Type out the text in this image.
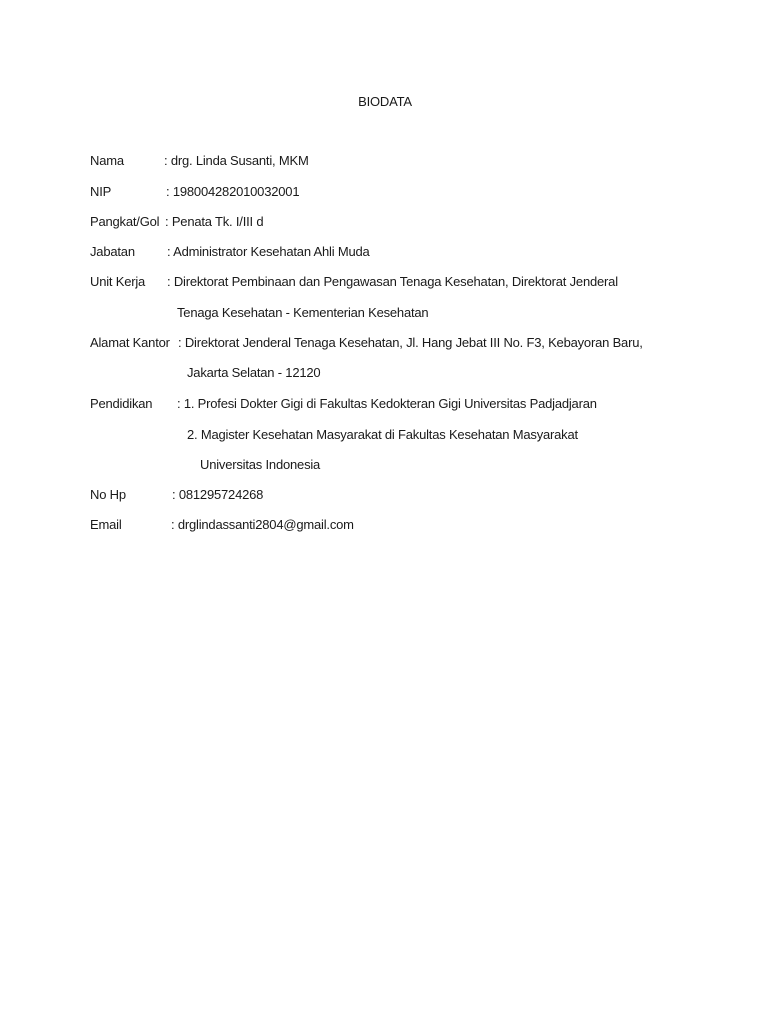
BIODATA
Nama	: drg. Linda Susanti, MKM
NIP	: 198004282010032001
Pangkat/Gol : Penata Tk. I/III d
Jabatan : Administrator Kesehatan Ahli Muda
Unit Kerja : Direktorat Pembinaan dan Pengawasan Tenaga Kesehatan, Direktorat Jenderal
Tenaga Kesehatan - Kementerian Kesehatan
Alamat Kantor : Direktorat Jenderal Tenaga Kesehatan, Jl. Hang Jebat III No. F3, Kebayoran Baru,
Jakarta Selatan - 12120
Pendidikan : 1. Profesi Dokter Gigi di Fakultas Kedokteran Gigi Universitas Padjadjaran
2. Magister Kesehatan Masyarakat di Fakultas Kesehatan Masyarakat
Universitas Indonesia
No Hp	: 081295724268
Email	: drglindassanti2804@gmail.com
